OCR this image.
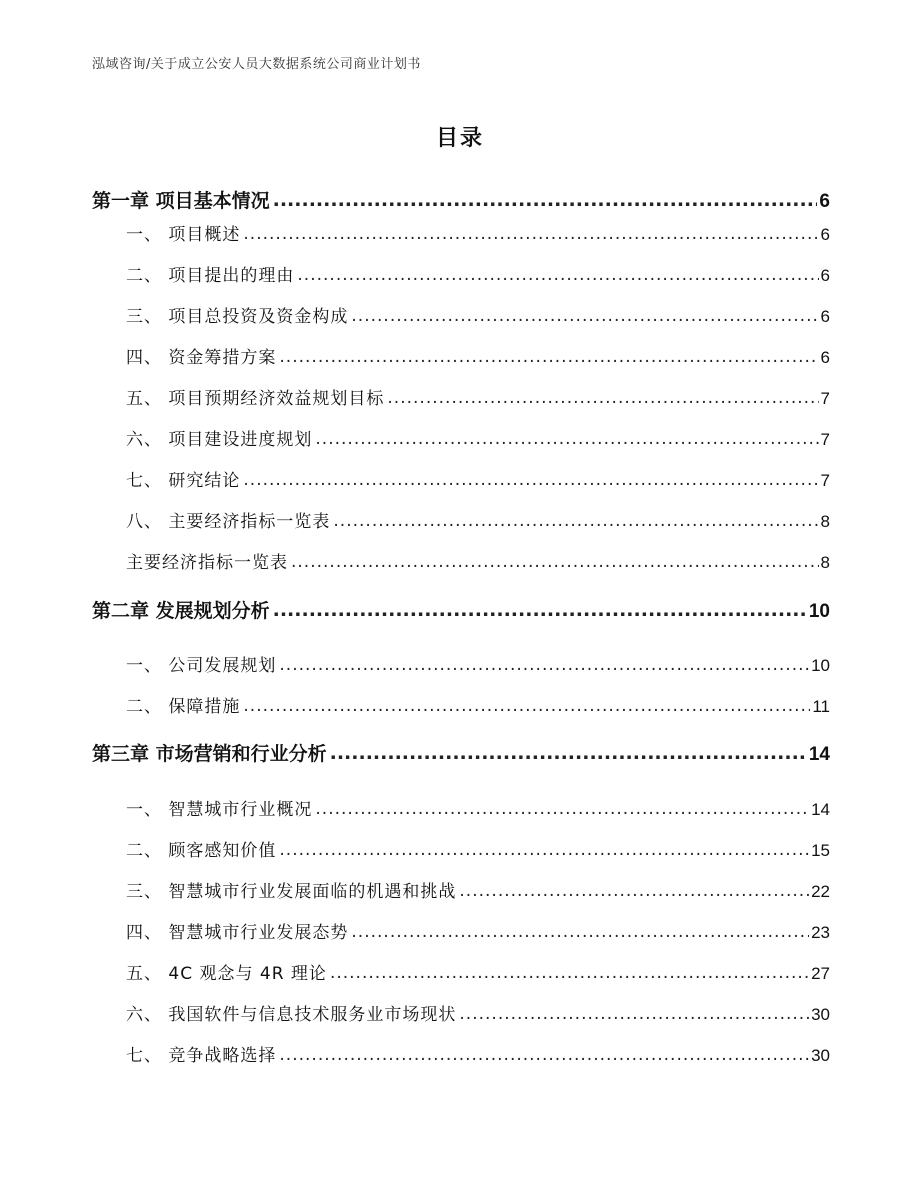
泓域咨询/关于成立公安人员大数据系统公司商业计划书
目录
第一章 项目基本情况 .....	6
一、 项目概述 .....	6
二、 项目提出的理由 .....	6
三、 项目总投资及资金构成 .....	6
四、 资金筹措方案 .....	6
五、 项目预期经济效益规划目标 .....	7
六、 项目建设进度规划 .....	7
七、 研究结论 .....	7
八、 主要经济指标一览表 .....	8
主要经济指标一览表 .....	8
第二章 发展规划分析 .....	10
一、 公司发展规划 .....	10
二、 保障措施 .....	11
第三章 市场营销和行业分析 .....	14
一、 智慧城市行业概况 .....	14
二、 顾客感知价值 .....	15
三、 智慧城市行业发展面临的机遇和挑战 .....	22
四、 智慧城市行业发展态势 .....	23
五、 4C 观念与 4R 理论 .....	27
六、 我国软件与信息技术服务业市场现状 .....	30
七、 竞争战略选择 .....	30
